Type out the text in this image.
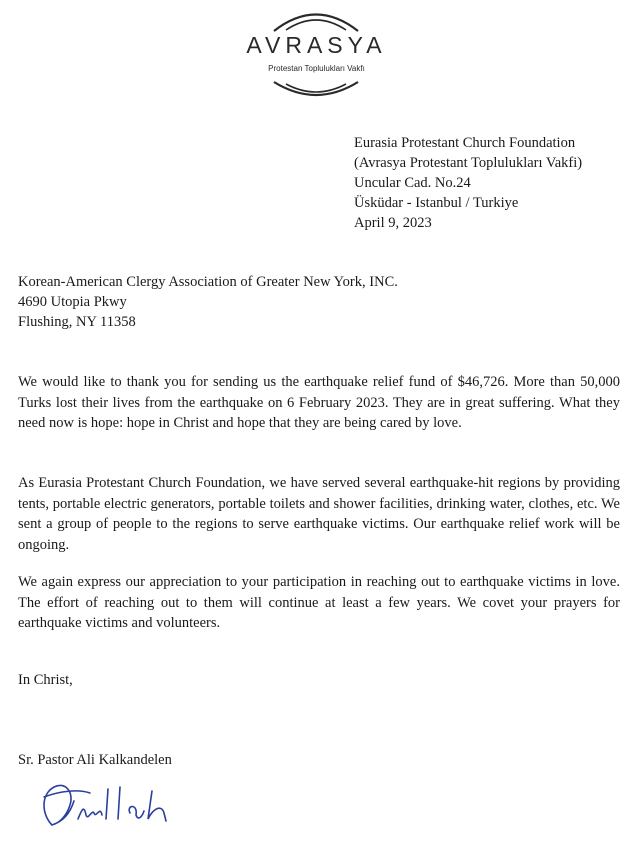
AVRASYA
Protestan Toplulukları Vakfı
Eurasia Protestant Church Foundation
(Avrasya Protestant Toplulukları Vakfi)
Uncular Cad. No.24
Üsküdar - Istanbul / Turkiye
April 9, 2023
Korean-American Clergy Association of Greater New York, INC.
4690 Utopia Pkwy
Flushing, NY 11358

We would like to thank you for sending us the earthquake relief fund of $46,726. More than 50,000 Turks lost their lives from the earthquake on 6 February 2023. They are in great suffering. What they need now is hope: hope in Christ and hope that they are being cared by love.

As Eurasia Protestant Church Foundation, we have served several earthquake-hit regions by providing tents, portable electric generators, portable toilets and shower facilities, drinking water, clothes, etc. We sent a group of people to the regions to serve earthquake victims. Our earthquake relief work will be ongoing.

We again express our appreciation to your participation in reaching out to earthquake victims in love. The effort of reaching out to them will continue at least a few years. We covet your prayers for earthquake victims and volunteers.

In Christ,
Sr. Pastor Ali Kalkandelen
